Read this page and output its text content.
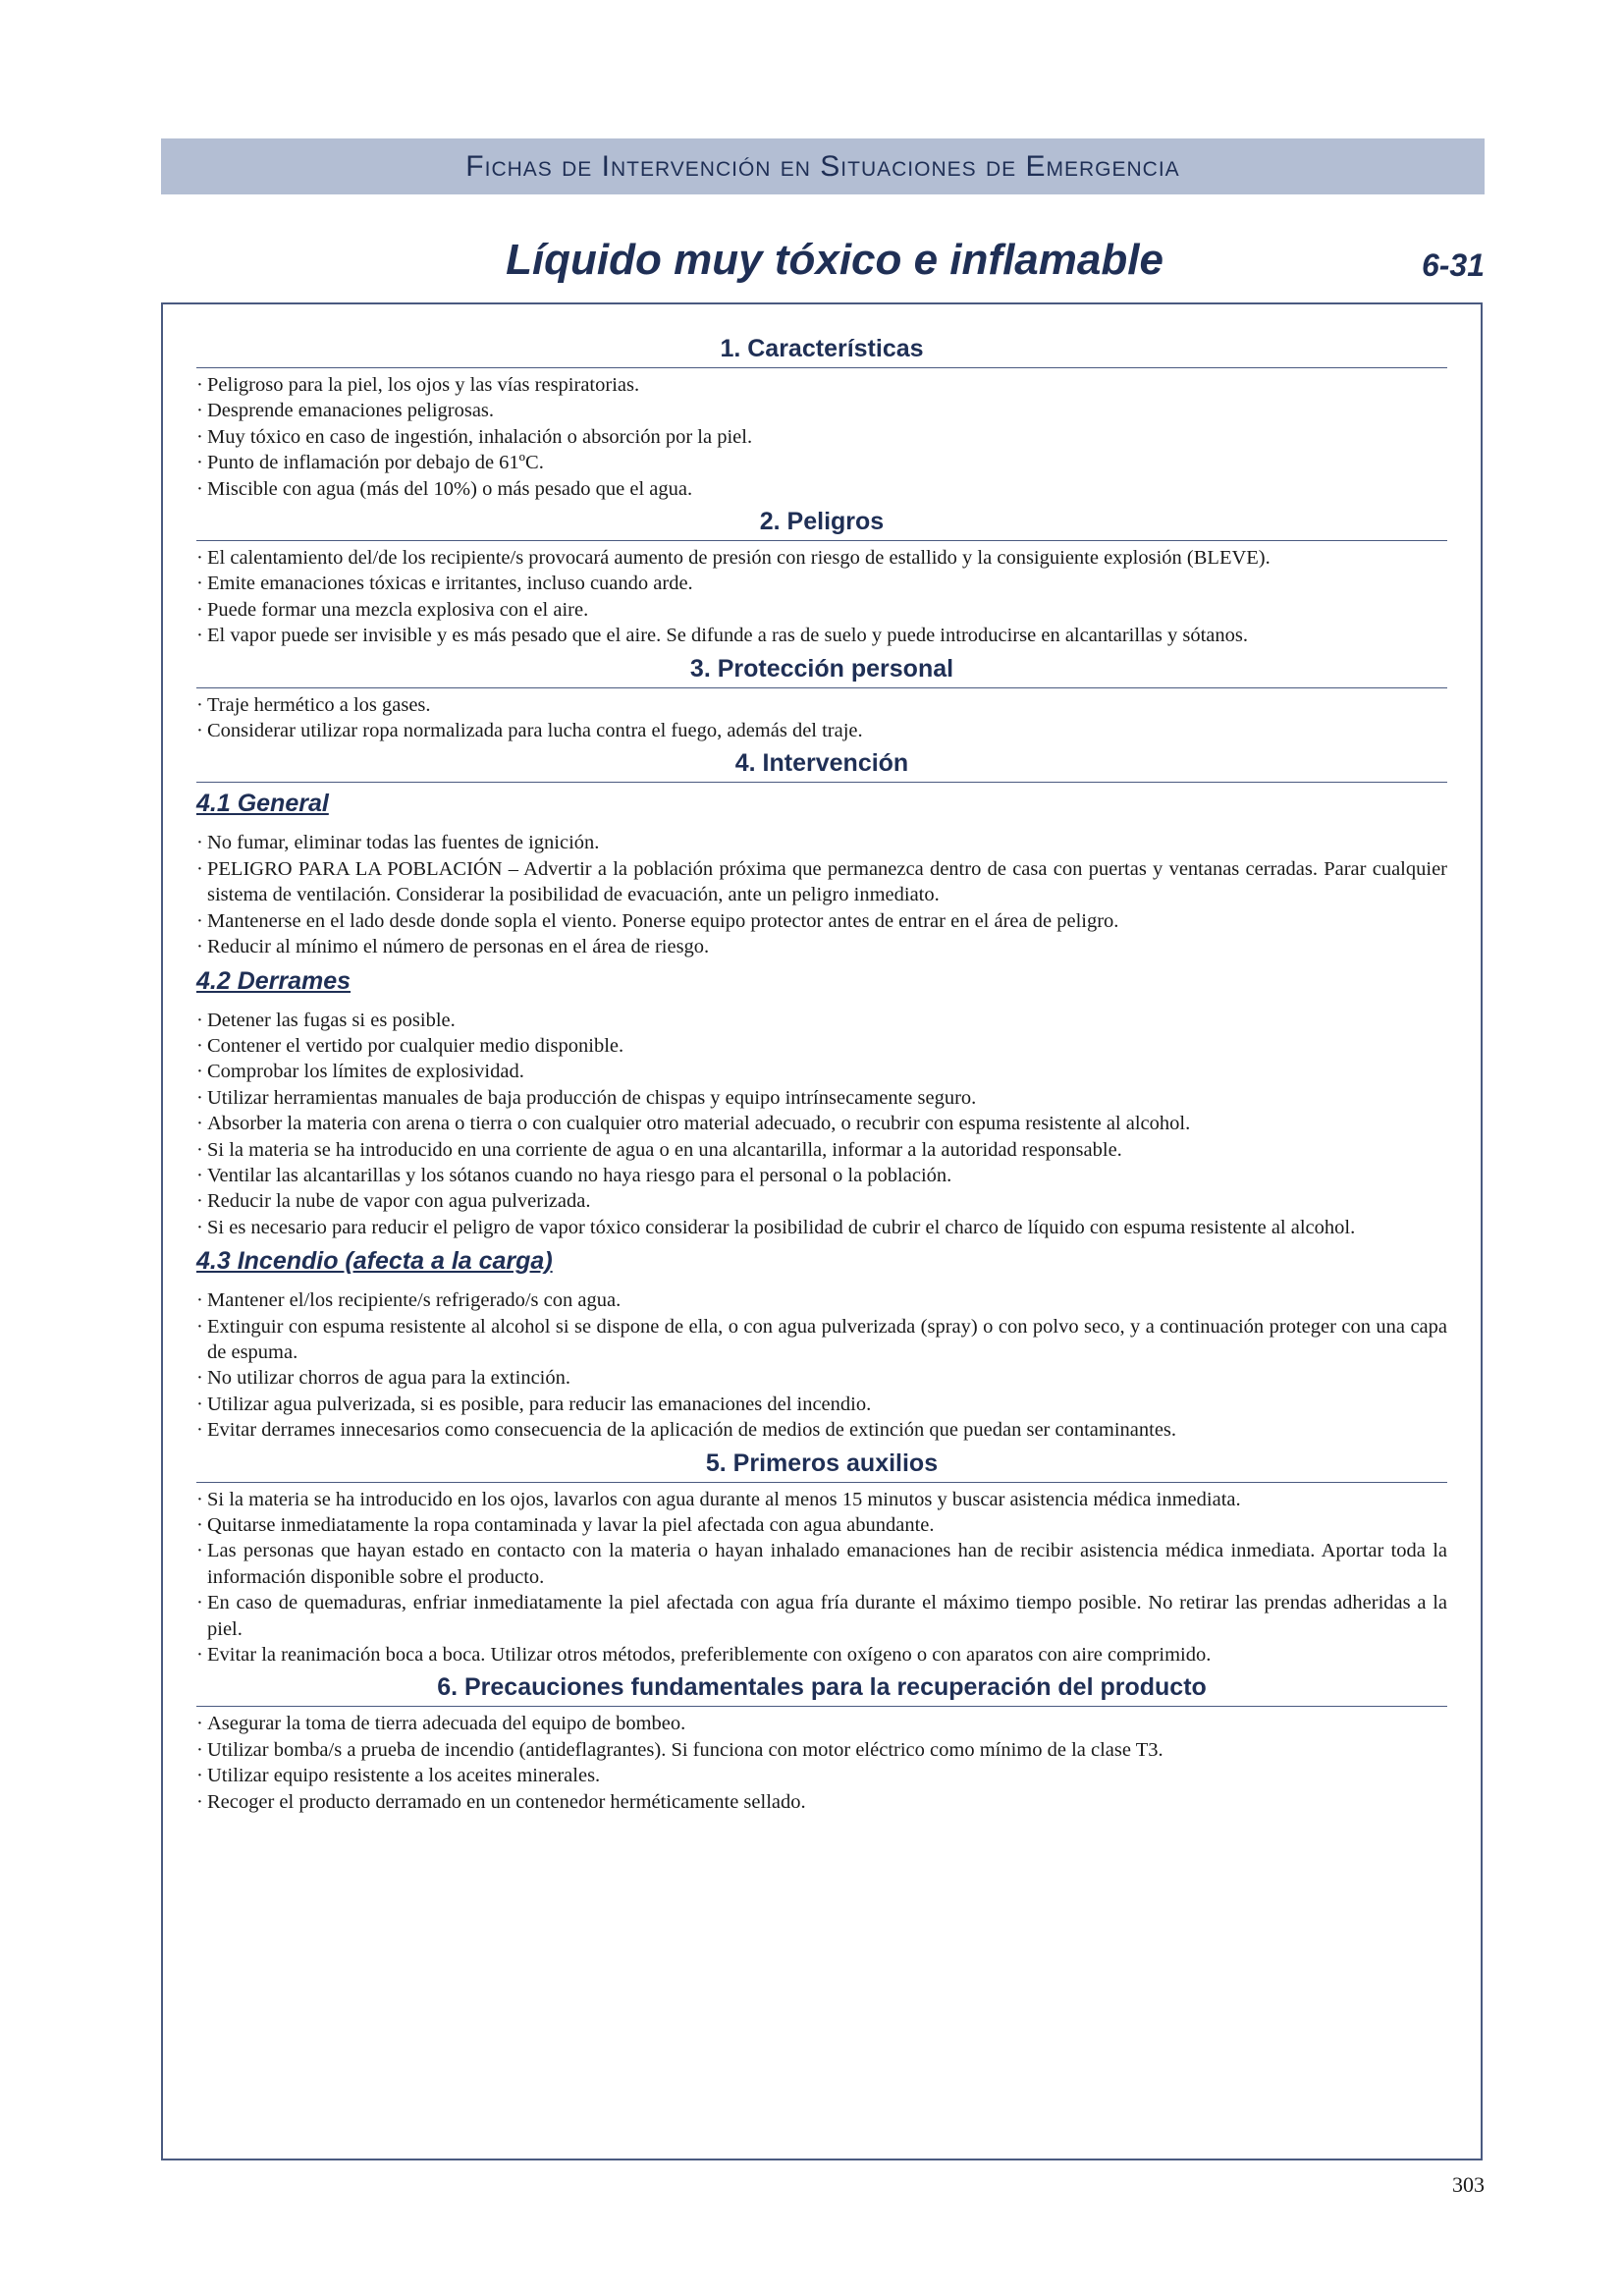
Fichas de Intervención en Situaciones de Emergencia
Líquido muy tóxico e inflamable	6-31
1. Características
· Peligroso para la piel, los ojos y las vías respiratorias.
· Desprende emanaciones peligrosas.
· Muy tóxico en caso de ingestión, inhalación o absorción por la piel.
· Punto de inflamación por debajo de 61ºC.
· Miscible con agua (más del 10%) o más pesado que el agua.
2. Peligros
· El calentamiento del/de los recipiente/s provocará aumento de presión con riesgo de estallido y la consiguiente explosión (BLEVE).
· Emite emanaciones tóxicas e irritantes, incluso cuando arde.
· Puede formar una mezcla explosiva con el aire.
· El vapor puede ser invisible y es más pesado que el aire. Se difunde a ras de suelo y puede introducirse en alcantarillas y sótanos.
3. Protección personal
· Traje hermético a los gases.
· Considerar utilizar ropa normalizada para lucha contra el fuego, además del traje.
4. Intervención
4.1 General
· No fumar, eliminar todas las fuentes de ignición.
· PELIGRO PARA LA POBLACIÓN – Advertir a la población próxima que permanezca dentro de casa con puertas y ventanas cerradas. Parar cualquier sistema de ventilación. Considerar la posibilidad de evacuación, ante un peligro inmediato.
· Mantenerse en el lado desde donde sopla el viento. Ponerse equipo protector antes de entrar en el área de peligro.
· Reducir al mínimo el número de personas en el área de riesgo.
4.2 Derrames
· Detener las fugas si es posible.
· Contener el vertido por cualquier medio disponible.
· Comprobar los límites de explosividad.
· Utilizar herramientas manuales de baja producción de chispas y equipo intrínsecamente seguro.
· Absorber la materia con arena o tierra o con cualquier otro material adecuado, o recubrir con espuma resistente al alcohol.
· Si la materia se ha introducido en una corriente de agua o en una alcantarilla, informar a la autoridad responsable.
· Ventilar las alcantarillas y los sótanos cuando no haya riesgo para el personal o la población.
· Reducir la nube de vapor con agua pulverizada.
· Si es necesario para reducir el peligro de vapor tóxico considerar la posibilidad de cubrir el charco de líquido con espuma resistente al alcohol.
4.3 Incendio (afecta a la carga)
· Mantener el/los recipiente/s refrigerado/s con agua.
· Extinguir con espuma resistente al alcohol si se dispone de ella, o con agua pulverizada (spray) o con polvo seco, y a continuación proteger con una capa de espuma.
· No utilizar chorros de agua para la extinción.
· Utilizar agua pulverizada, si es posible, para reducir las emanaciones del incendio.
· Evitar derrames innecesarios como consecuencia de la aplicación de medios de extinción que puedan ser contaminantes.
5. Primeros auxilios
· Si la materia se ha introducido en los ojos, lavarlos con agua durante al menos 15 minutos y buscar asistencia médica inmediata.
· Quitarse inmediatamente la ropa contaminada y lavar la piel afectada con agua abundante.
· Las personas que hayan estado en contacto con la materia o hayan inhalado emanaciones han de recibir asistencia médica inmediata. Aportar toda la información disponible sobre el producto.
· En caso de quemaduras, enfriar inmediatamente la piel afectada con agua fría durante el máximo tiempo posible. No retirar las prendas adheridas a la piel.
· Evitar la reanimación boca a boca. Utilizar otros métodos, preferiblemente con oxígeno o con aparatos con aire comprimido.
6. Precauciones fundamentales para la recuperación del producto
· Asegurar la toma de tierra adecuada del equipo de bombeo.
· Utilizar bomba/s a prueba de incendio (antideflagrantes). Si funciona con motor eléctrico como mínimo de la clase T3.
· Utilizar equipo resistente a los aceites minerales.
· Recoger el producto derramado en un contenedor herméticamente sellado.
303
